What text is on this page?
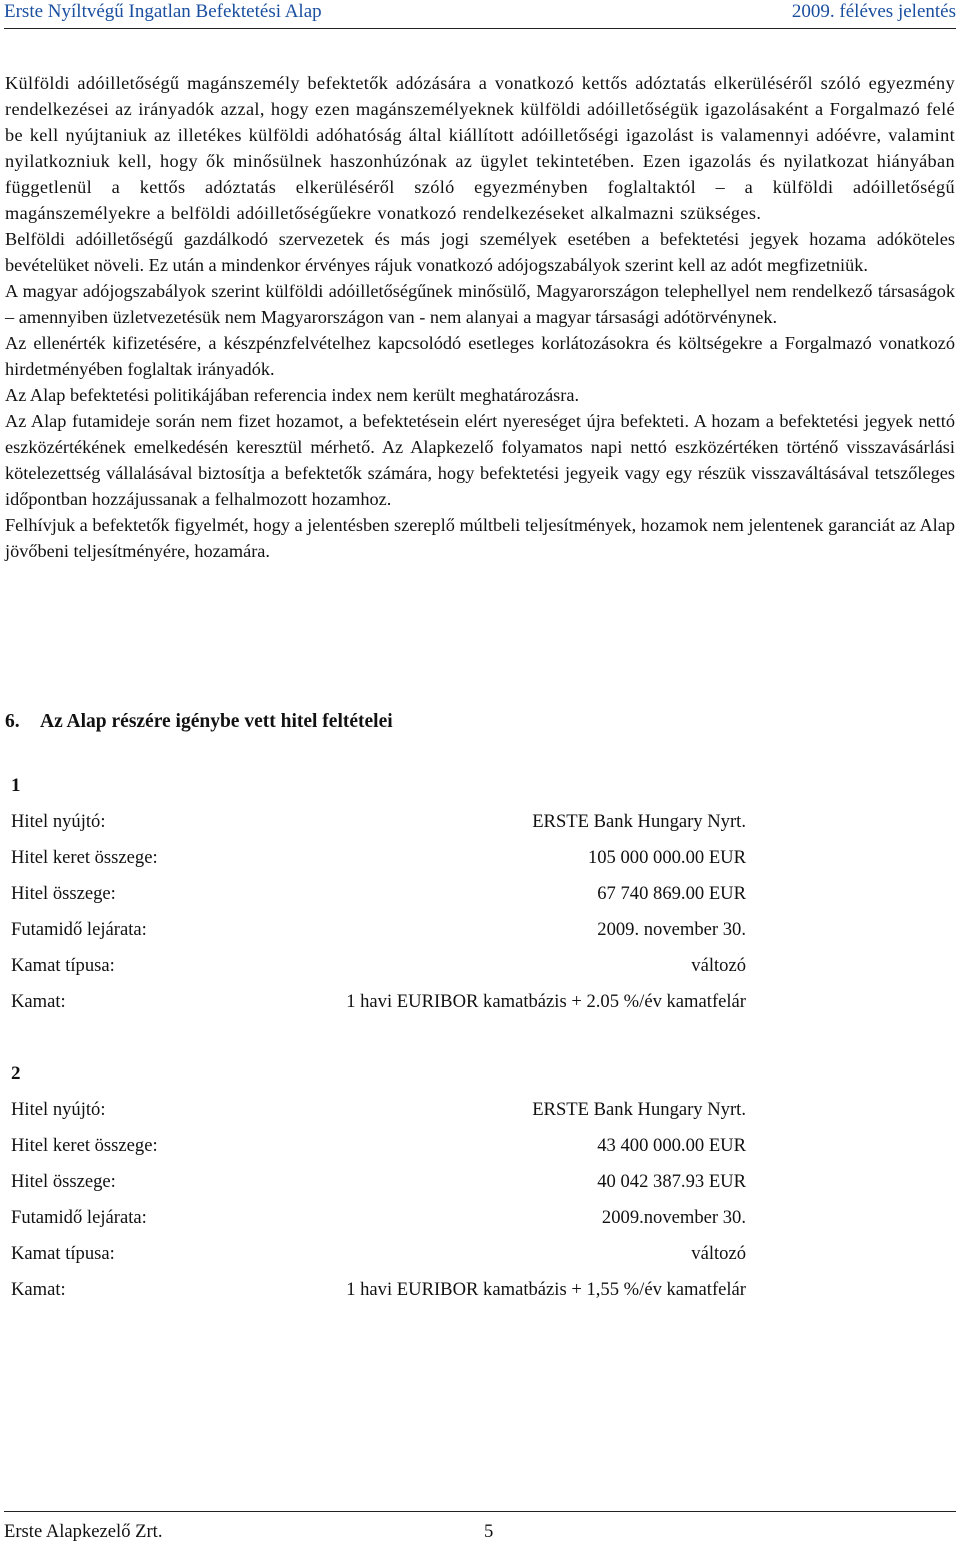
Erste Nyíltvégű Ingatlan Befektetési Alap	2009. féléves jelentés

Külföldi adóilletőségű magánszemély befektetők adózására a vonatkozó kettős adóztatás elkerüléséről szóló egyezmény rendelkezései az irányadók azzal, hogy ezen magánszemélyeknek külföldi adóilletőségük igazolásaként a Forgalmazó felé be kell nyújtaniuk az illetékes külföldi adóhatóság által kiállított adóilletőségi igazolást is valamennyi adóévre, valamint nyilatkozniuk kell, hogy ők minősülnek haszonhúzónak az ügylet tekintetében. Ezen igazolás és nyilatkozat hiányában függetlenül a kettős adóztatás elkerüléséről szóló egyezményben foglaltaktól – a külföldi adóilletőségű magánszemélyekre a belföldi adóilletőségűekre vonatkozó rendelkezéseket alkalmazni szükséges.

Belföldi adóilletőségű gazdálkodó szervezetek és más jogi személyek esetében a befektetési jegyek hozama adóköteles bevételüket növeli. Ez után a mindenkor érvényes rájuk vonatkozó adójogszabályok szerint kell az adót megfizetniük.

A magyar adójogszabályok szerint külföldi adóilletőségűnek minősülő, Magyarországon telephellyel nem rendelkező társaságok – amennyiben üzletvezetésük nem Magyarországon van - nem alanyai a magyar társasági adótörvénynek.

Az ellenérték kifizetésére, a készpénzfelvételhez kapcsolódó esetleges korlátozásokra és költségekre a Forgalmazó vonatkozó hirdetményében foglaltak irányadók.

Az Alap befektetési politikájában referencia index nem került meghatározásra.

Az Alap futamideje során nem fizet hozamot, a befektetésein elért nyereséget újra befekteti. A hozam a befektetési jegyek nettó eszközértékének emelkedésén keresztül mérhető. Az Alapkezelő folyamatos napi nettó eszközértéken történő visszavásárlási kötelezettség vállalásával biztosítja a befektetők számára, hogy befektetési jegyeik vagy egy részük visszaváltásával tetszőleges időpontban hozzájussanak a felhalmozott hozamhoz.

Felhívjuk a befektetők figyelmét, hogy a jelentésben szereplő múltbeli teljesítmények, hozamok nem jelentenek garanciát az Alap jövőbeni teljesítményére, hozamára.

6. Az Alap részére igénybe vett hitel feltételei
1
Hitel nyújtó:	ERSTE Bank Hungary Nyrt.
Hitel keret összege:	105 000 000.00 EUR
Hitel összege:	67 740 869.00 EUR
Futamidő lejárata:	2009. november 30.
Kamat típusa:	változó
Kamat:	1 havi EURIBOR kamatbázis + 2.05 %/év kamatfelár
2
Hitel nyújtó:	ERSTE Bank Hungary Nyrt.
Hitel keret összege:	43 400 000.00 EUR
Hitel összege:	40 042 387.93 EUR
Futamidő lejárata:	2009.november 30.
Kamat típusa:	változó
Kamat:	1 havi EURIBOR kamatbázis + 1,55 %/év kamatfelár
Erste Alapkezelő Zrt.	5
